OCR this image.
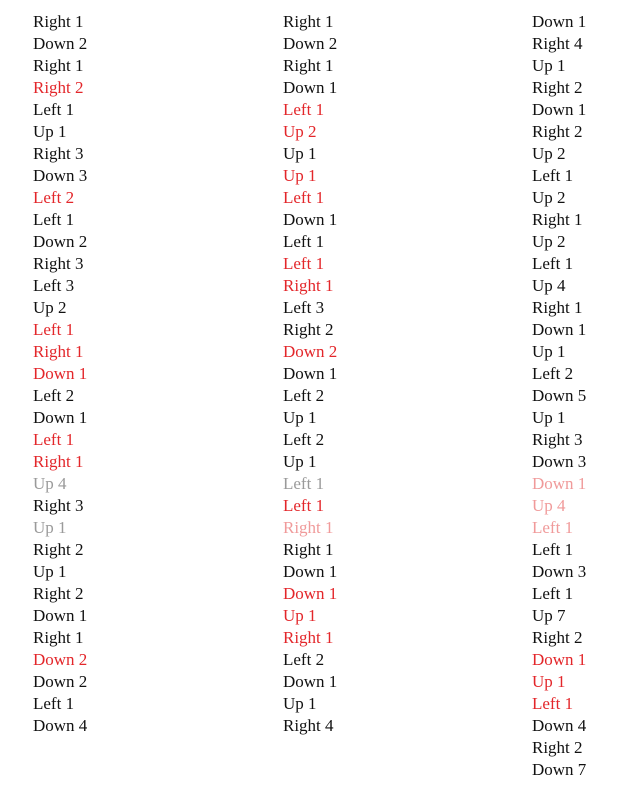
Right 1
Down 2
Right 1
Right 2
Left 1
Up 1
Right 3
Down 3
Left 2
Left 1
Down 2
Right 3
Left 3
Up 2
Left 1
Right 1
Down 1
Left 2
Down 1
Left 1
Right 1
Up 4
Right 3
Up 1
Right 2
Up 1
Right 2
Down 1
Right 1
Down 2
Down 2
Left 1
Down 4
Right 1
Down 2
Right 1
Down 1
Left 1
Up 2
Up 1
Up 1
Left 1
Down 1
Left 1
Left 1
Right 1
Left 3
Right 2
Down 2
Down 1
Left 2
Up 1
Left 2
Up 1
Left 1
Left 1
Right 1
Right 1
Down 1
Down 1
Up 1
Right 1
Left 2
Down 1
Up 1
Right 4
Down 1
Right 4
Up 1
Right 2
Down 1
Right 2
Up 2
Left 1
Up 2
Right 1
Up 2
Left 1
Up 4
Right 1
Down 1
Up 1
Left 2
Down 5
Up 1
Right 3
Down 3
Down 1
Up 4
Left 1
Left 1
Down 3
Left 1
Up 7
Right 2
Down 1
Up 1
Left 1
Down 4
Right 2
Down 7
